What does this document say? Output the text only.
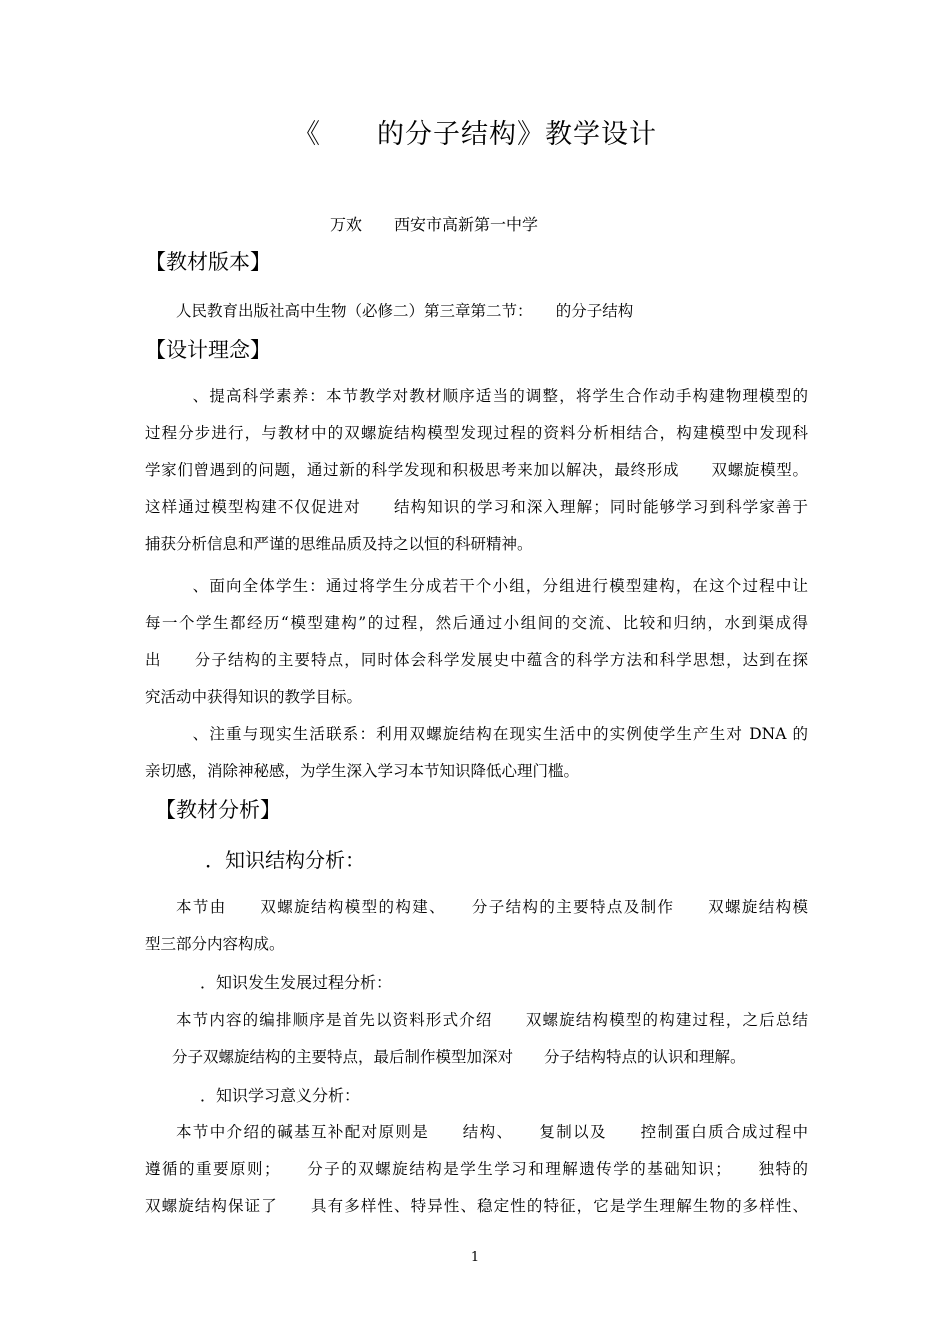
《　　的分子结构》教学设计
万欢　　西安市高新第一中学
【教材版本】
人民教育出版社高中生物（必修二）第三章第二节：　　的分子结构
【设计理念】
　、提高科学素养：本节教学对教材顺序适当的调整，将学生合作动手构建物理模型的
过程分步进行，与教材中的双螺旋结构模型发现过程的资料分析相结合，构建模型中发现科
学家们曾遇到的问题，通过新的科学发现和积极思考来加以解决，最终形成　　双螺旋模型。
这样通过模型构建不仅促进对　　结构知识的学习和深入理解；同时能够学习到科学家善于
捕获分析信息和严谨的思维品质及持之以恒的科研精神。
　、面向全体学生：通过将学生分成若干个小组，分组进行模型建构，在这个过程中让
每一个学生都经历“模型建构”的过程，然后通过小组间的交流、比较和归纳，水到渠成得
出　　分子结构的主要特点，同时体会科学发展史中蕴含的科学方法和科学思想，达到在探
究活动中获得知识的教学目标。
　、注重与现实生活联系：利用双螺旋结构在现实生活中的实例使学生产生对 DNA 的
亲切感，消除神秘感，为学生深入学习本节知识降低心理门槛。
【教材分析】
．知识结构分析：
本节由　　双螺旋结构模型的构建、　　分子结构的主要特点及制作　　双螺旋结构模
型三部分内容构成。
．知识发生发展过程分析：
本节内容的编排顺序是首先以资料形式介绍　　双螺旋结构模型的构建过程，之后总结
分子双螺旋结构的主要特点，最后制作模型加深对　　分子结构特点的认识和理解。
．知识学习意义分析：
本节中介绍的碱基互补配对原则是　　结构、　　复制以及　　控制蛋白质合成过程中
遵循的重要原则；　　分子的双螺旋结构是学生学习和理解遗传学的基础知识；　　独特的
双螺旋结构保证了　　具有多样性、特异性、稳定性的特征，它是学生理解生物的多样性、
1
